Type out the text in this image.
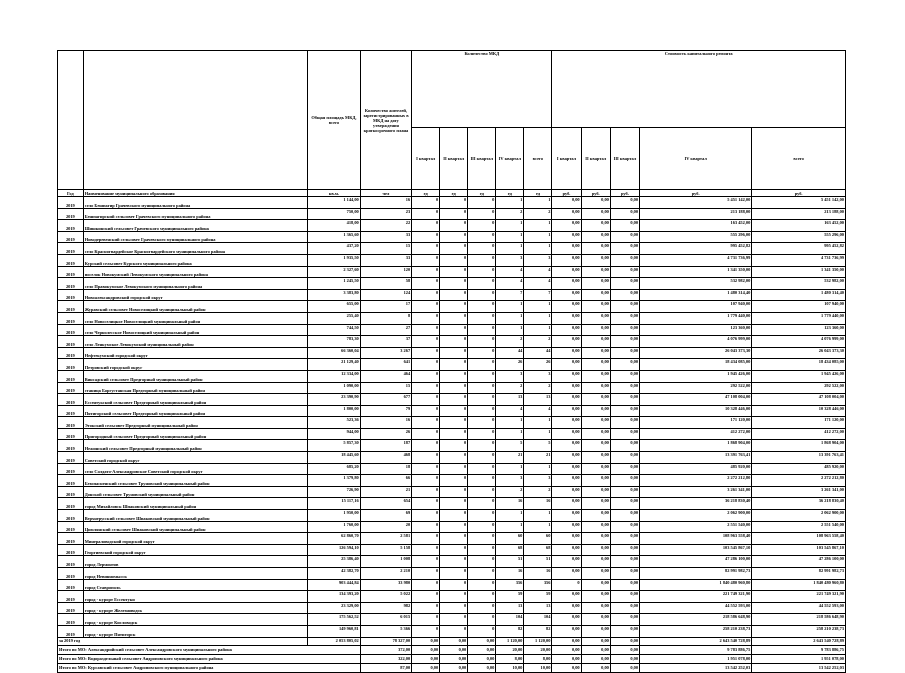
		Общая площадь МКД, всего	Количество жителей, зарегистрированных в МКД на дату утверждения краткосрочного плана	Количество МКД					Стоимость капитального ремонта				
				I квартал	II квартал	III квартал	IV квартал	всего	I квартал	II квартал	III квартал	IV квартал	всего
Год	Наименование муниципального образования	кв.м.	чел	ед	ед	ед	ед	ед	руб.	руб.	руб.	руб.	руб.
2019	село Бешпагир Грачевского муниципального района	1 144,00	16	0	0	0	1	1	0,00	0,00	0,00	5 451 142,00	5 451 142,00
2019	Бешпагирский сельсовет Грачевского муниципального района	750,00	23	0	0	0	2	2	0,00	0,00	0,00	213 188,00	213 188,00
2019	Шишкинский сельсовет Грачевского муниципального района	418,00	22	0	0	0	1	1	0,00	0,00	0,00	163 452,00	163 452,00
2019	Новодеревенский сельсовет Грачевского муниципального района	1 365,60	33	0	0	0	1	1	0,00	0,00	0,00	555 296,00	555 296,00
2019	село Красногвардейское Красногвардейского муниципального района	437,20	15	0	0	0	1	1	0,00	0,00	0,00	995 452,82	995 452,82
2019	Курский сельсовет Курского муниципального района	1 935,50	33	0	0	0	3	3	0,00	0,00	0,00	4 731 736,99	4 731 736,99
2019	поселок Новокумский Левокумского муниципального района	2 327,60	120	0	0	0	4	4	0,00	0,00	0,00	1 341 350,00	1 341 350,00
2019	село Правокумское Левокумского муниципального района	1 245,50	58	0	0	0	4	4	0,00	0,00	0,00	532 982,00	532 982,00
2019	Новоалександровский городской округ	3 383,80	124	0	0	0	7	7	0,00	0,00	0,00	1 480 314,40	1 480 314,40
2019	Журавский сельсовет Новоселицкий муниципальный район	655,00	17	0	0	0	1	1	0,00	0,00	0,00	107 940,00	107 940,00
2019	село Новоселицкое Новоселицкий муниципальный район	255,40	8	0	0	0	1	1	0,00	0,00	0,00	1 779 440,00	1 779 440,00
2019	село Чернолесское Новоселицкий муниципальный район	744,50	27	0	0	0	1	1	0,00	0,00	0,00	123 360,00	123 360,00
2019	село Ленкумское Левокумский муниципальный район	783,30	37	0	0	0	2	2	0,00	0,00	0,00	4 076 999,00	4 076 999,00
2019	Нефтекумский городской округ	66 360,04	3 267	0	0	0	44	44	0,00	0,00	0,00	26 043 373,30	26 043 373,30
2019	Петровский городской округ	21 129,40	641	0	0	0	26	26	0,00	0,00	0,00	18 434 085,00	18 434 085,00
2019	Винсадский сельсовет Предгорный муниципальный район	12 334,00	464	0	0	0	3	3	0,00	0,00	0,00	1 945 426,00	1 945 426,00
2019	станица Боргустанская Предгорный муниципальный район	1 090,00	15	0	0	0	2	2	0,00	0,00	0,00	292 522,00	292 522,00
2019	Ессентукский сельсовет Предгорный муниципальный район	23 390,90	677	0	0	0	13	13	0,00	0,00	0,00	47 108 004,00	47 108 004,00
2019	Пятигорский сельсовет Предгорный муниципальный район	1 800,00	79	0	0	0	4	4	0,00	0,00	0,00	10 328 446,00	10 328 446,00
2019	Этокский сельсовет Предгорный муниципальный район	523,36	16	0	0	0	1	1	0,00	0,00	0,00	171 120,00	171 120,00
2019	Пригородный сельсовет Предгорный муниципальный район	944,00	26	0	0	0	1	1	0,00	0,00	0,00	412 272,00	412 272,00
2019	Нежинский сельсовет Предгорный муниципальный район	5 857,30	187	0	0	0	5	5	0,00	0,00	0,00	1 868 904,00	1 868 904,00
2019	Советский городской округ	18 445,60	468	0	0	0	21	21	0,00	0,00	0,00	13 391 763,41	13 391 763,41
2019	село Солдато-Александровское Советский городской округ	685,20	18	0	0	0	1	1	0,00	0,00	0,00	485 920,00	485 920,00
2019	Безопасненский сельсовет Труновский муниципальный район	1 379,80	66	0	0	0	3	3	0,00	0,00	0,00	2 272 212,80	2 272 212,80
2019	Донской сельсовет Труновский муниципальный район	726,90	21	0	0	0	2	2	0,00	0,00	0,00	3 261 341,00	3 261 341,00
2019	город Михайловск Шпаковский муниципальный район	15 117,16	654	0	0	0	16	16	0,00	0,00	0,00	36 218 830,40	36 218 830,40
2019	Верхнерусский сельсовет Шпаковский муниципальный район	1 950,00	69	0	0	0	1	1	0,00	0,00	0,00	2 062 900,00	2 062 900,00
2019	Цимлянский сельсовет Шпаковский муниципальный район	1 760,00	20	0	0	0	1	1	0,00	0,00	0,00	2 551 540,00	2 551 540,00
2019	Минераловодский городской округ	62 860,70	2 581	0	0	0	60	60	0,00	0,00	0,00	108 963 558,40	108 963 558,40
2019	Георгиевский городской округ	126 594,10	5 158	0	0	0	68	68	0,00	0,00	0,00	103 545 867,10	103 545 867,10
2019	город Лермонтов	25 386,40	1 008	0	0	0	51	51	0,00	0,00	0,00	47 286 100,00	47 286 100,00
2019	город Невинномысск	42 382,70	2 210	0	0	0	16	16	0,00	0,00	0,00	82 991 982,73	82 991 982,73
2019	город Ставрополь	903 444,84	33 980	0	0	0	356	356	0	0,00	0,00	1 840 480 960,80	1 840 480 960,80
2019	город - курорт Ессентуки	134 393,20	5 022	0	0	0	59	59	0,00	0,00	0,00	221 749 321,90	221 749 321,90
2019	город - курорт Железноводск	23 329,00	982	0	0	0	13	13	0,00	0,00	0,00	44 552 593,00	44 552 593,00
2019	город - курорт Кисловодск	175 562,52	6 015	0	0	0	104	104	0,00	0,00	0,00	218 586 648,90	218 586 648,90
2019	город - курорт Пятигорск	149 960,81	5 366	0	0	0	82	82	0,00	0,00	0,00	258 210 238,73	258 210 238,73
за 2019 год		2 053 805,02	78 327,00	0,00	0,00	0,00	1 120,00	1 120,00	0,00	0,00	0,00	2 643 540 728,89	2 643 540 728,89
Итого по МО: Александрийский сельсовет Александровского муниципального района			372,00	0,00	0,00	0,00	20,00	20,00	0,00	0,00	0,00	9 783 886,75	9 783 886,75
Итого по МО: Водораздельный сельсовет Андроповского муниципального района			322,00	0,00	0,00	0,00	8,00	8,00	0,00	0,00	0,00	1 951 078,00	1 951 078,00
Итого по МО: Курсавский сельсовет Андроповского муниципального района			87,00	0,00	0,00	0,00	10,00	10,00	0,00	0,00	0,00	13 542 252,03	13 542 252,03
